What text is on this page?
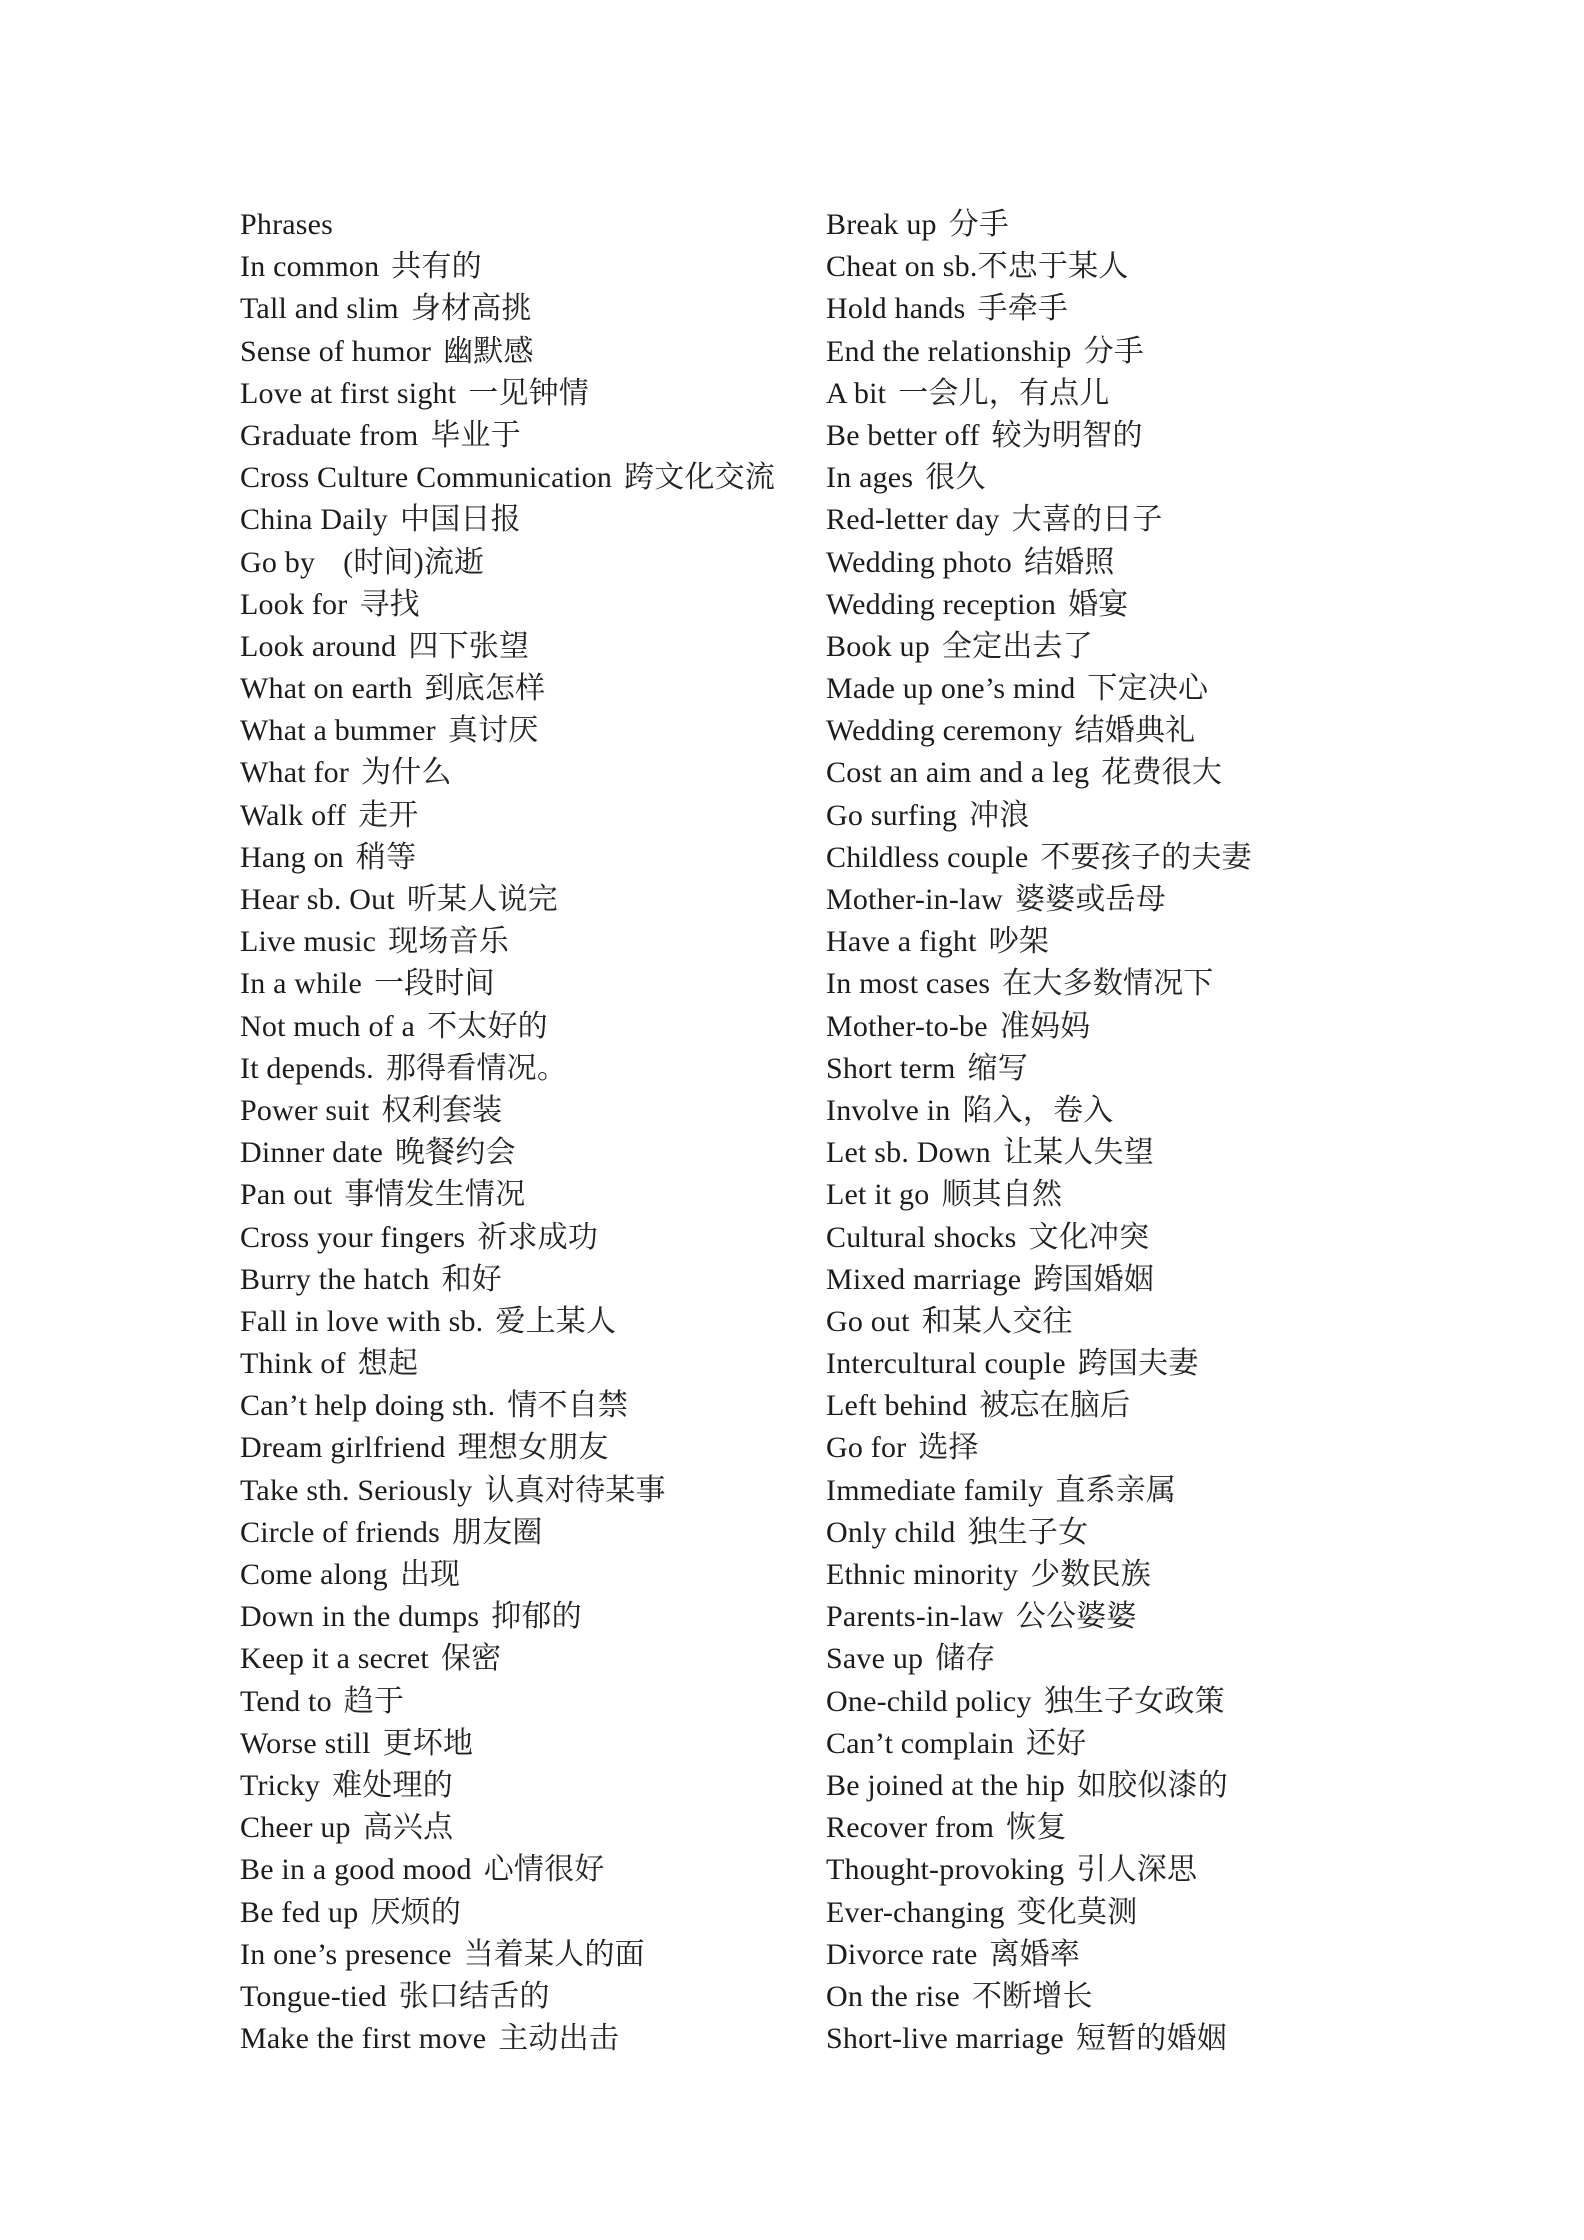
Phrases
In common 共有的
Tall and slim 身材高挑
Sense of humor 幽默感
Love at first sight 一见钟情
Graduate from 毕业于
Cross Culture Communication 跨文化交流
China Daily 中国日报
Go by (时间)流逝
Look for 寻找
Look around 四下张望
What on earth 到底怎样
What a bummer 真讨厌
What for 为什么
Walk off 走开
Hang on 稍等
Hear sb. Out 听某人说完
Live music 现场音乐
In a while 一段时间
Not much of a 不太好的
It depends. 那得看情况。
Power suit 权利套装
Dinner date 晚餐约会
Pan out 事情发生情况
Cross your fingers 祈求成功
Burry the hatch 和好
Fall in love with sb. 爱上某人
Think of 想起
Can’t help doing sth. 情不自禁
Dream girlfriend 理想女朋友
Take sth. Seriously 认真对待某事
Circle of friends 朋友圈
Come along 出现
Down in the dumps 抑郁的
Keep it a secret 保密
Tend to 趋于
Worse still 更坏地
Tricky 难处理的
Cheer up 高兴点
Be in a good mood 心情很好
Be fed up 厌烦的
In one’s presence 当着某人的面
Tongue-tied 张口结舌的
Make the first move 主动出击
Break up 分手
Cheat on sb.不忠于某人
Hold hands 手牵手
End the relationship 分手
A bit 一会儿，有点儿
Be better off 较为明智的
In ages 很久
Red-letter day 大喜的日子
Wedding photo 结婚照
Wedding reception 婚宴
Book up 全定出去了
Made up one’s mind 下定决心
Wedding ceremony 结婚典礼
Cost an aim and a leg 花费很大
Go surfing 冲浪
Childless couple 不要孩子的夫妻
Mother-in-law 婆婆或岳母
Have a fight 吵架
In most cases 在大多数情况下
Mother-to-be 准妈妈
Short term 缩写
Involve in 陷入，卷入
Let sb. Down 让某人失望
Let it go 顺其自然
Cultural shocks 文化冲突
Mixed marriage 跨国婚姻
Go out 和某人交往
Intercultural couple 跨国夫妻
Left behind 被忘在脑后
Go for 选择
Immediate family 直系亲属
Only child 独生子女
Ethnic minority 少数民族
Parents-in-law 公公婆婆
Save up 储存
One-child policy 独生子女政策
Can’t complain 还好
Be joined at the hip 如胶似漆的
Recover from 恢复
Thought-provoking 引人深思
Ever-changing 变化莫测
Divorce rate 离婚率
On the rise 不断增长
Short-live marriage 短暂的婚姻
